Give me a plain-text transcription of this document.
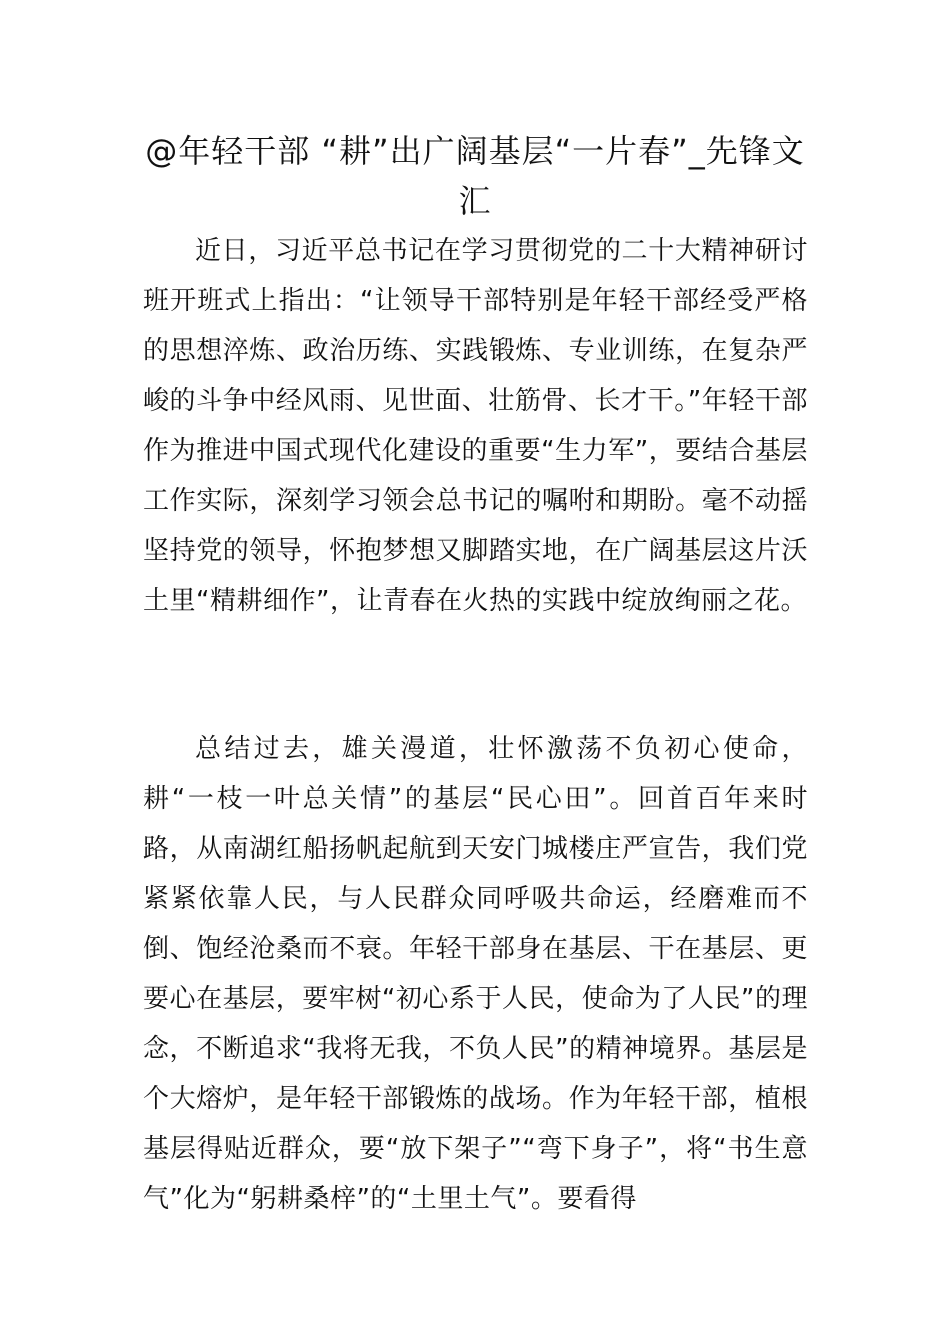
@年轻干部 “耕”出广阔基层“一片春”_先锋文汇

近日，习近平总书记在学习贯彻党的二十大精神研讨班开班式上指出：“让领导干部特别是年轻干部经受严格的思想淬炼、政治历练、实践锻炼、专业训练，在复杂严峻的斗争中经风雨、见世面、壮筋骨、长才干。”年轻干部作为推进中国式现代化建设的重要“生力军”，要结合基层工作实际，深刻学习领会总书记的嘱咐和期盼。毫不动摇坚持党的领导，怀抱梦想又脚踏实地，在广阔基层这片沃土里“精耕细作”，让青春在火热的实践中绽放绚丽之花。

总结过去，雄关漫道，壮怀激荡不负初心使命，耕“一枝一叶总关情”的基层“民心田”。回首百年来时路，从南湖红船扬帆起航到天安门城楼庄严宣告，我们党紧紧依靠人民，与人民群众同呼吸共命运，经磨难而不倒、饱经沧桑而不衰。年轻干部身在基层、干在基层、更要心在基层，要牢树“初心系于人民，使命为了人民”的理念，不断追求“我将无我，不负人民”的精神境界。基层是个大熔炉，是年轻干部锻炼的战场。作为年轻干部，植根基层得贴近群众，要“放下架子”“弯下身子”，将“书生意气”化为“躬耕桑梓”的“土里土气”。要看得
